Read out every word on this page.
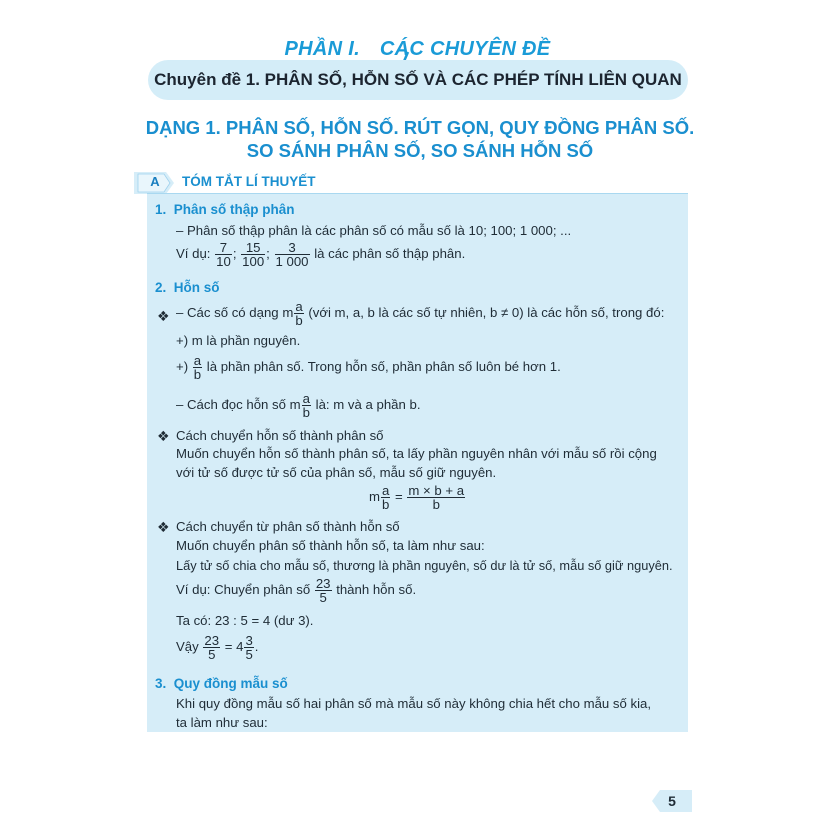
PHẦN I. CÁC CHUYÊN ĐỀ
Chuyên đề 1. PHÂN SỐ, HỖN SỐ VÀ CÁC PHÉP TÍNH LIÊN QUAN
DẠNG 1. PHÂN SỐ, HỖN SỐ. RÚT GỌN, QUY ĐỒNG PHÂN SỐ.
SO SÁNH PHÂN SỐ, SO SÁNH HỖN SỐ
A TÓM TẮT LÍ THUYẾT
1. Phân số thập phân
– Phân số thập phân là các phân số có mẫu số là 10; 100; 1 000; ...
Ví dụ: $\frac{7}{10}$ ; $\frac{15}{100}$ ; $\frac{3}{1 000}$ là các phân số thập phân.
2. Hỗn số
❖ – Các số có dạng m $\frac{a}{b}$ (với m, a, b là các số tự nhiên, b ≠ 0) là các hỗn số, trong đó:
+) m là phần nguyên.
+) $\frac{a}{b}$ là phần phân số. Trong hỗn số, phần phân số luôn bé hơn 1.
– Cách đọc hỗn số m $\frac{a}{b}$ là: m và a phần b.
❖ Cách chuyển hỗn số thành phân số
Muốn chuyển hỗn số thành phân số, ta lấy phần nguyên nhân với mẫu số rồi cộng
với tử số được tử số của phân số, mẫu số giữ nguyên.
m $\frac{a}{b} = \frac{m \times b + a}{b}$
❖ Cách chuyển từ phân số thành hỗn số
Muốn chuyển phân số thành hỗn số, ta làm như sau:
Lấy tử số chia cho mẫu số, thương là phần nguyên, số dư là tử số, mẫu số giữ nguyên.
Ví dụ: Chuyển phân số $\frac{23}{5}$ thành hỗn số.
Ta có: 23 : 5 = 4 (dư 3).
Vậy $\frac{23}{5} = 4 \frac{3}{5}$ .
3. Quy đồng mẫu số
Khi quy đồng mẫu số hai phân số mà mẫu số này không chia hết cho mẫu số kia,
ta làm như sau:
5
